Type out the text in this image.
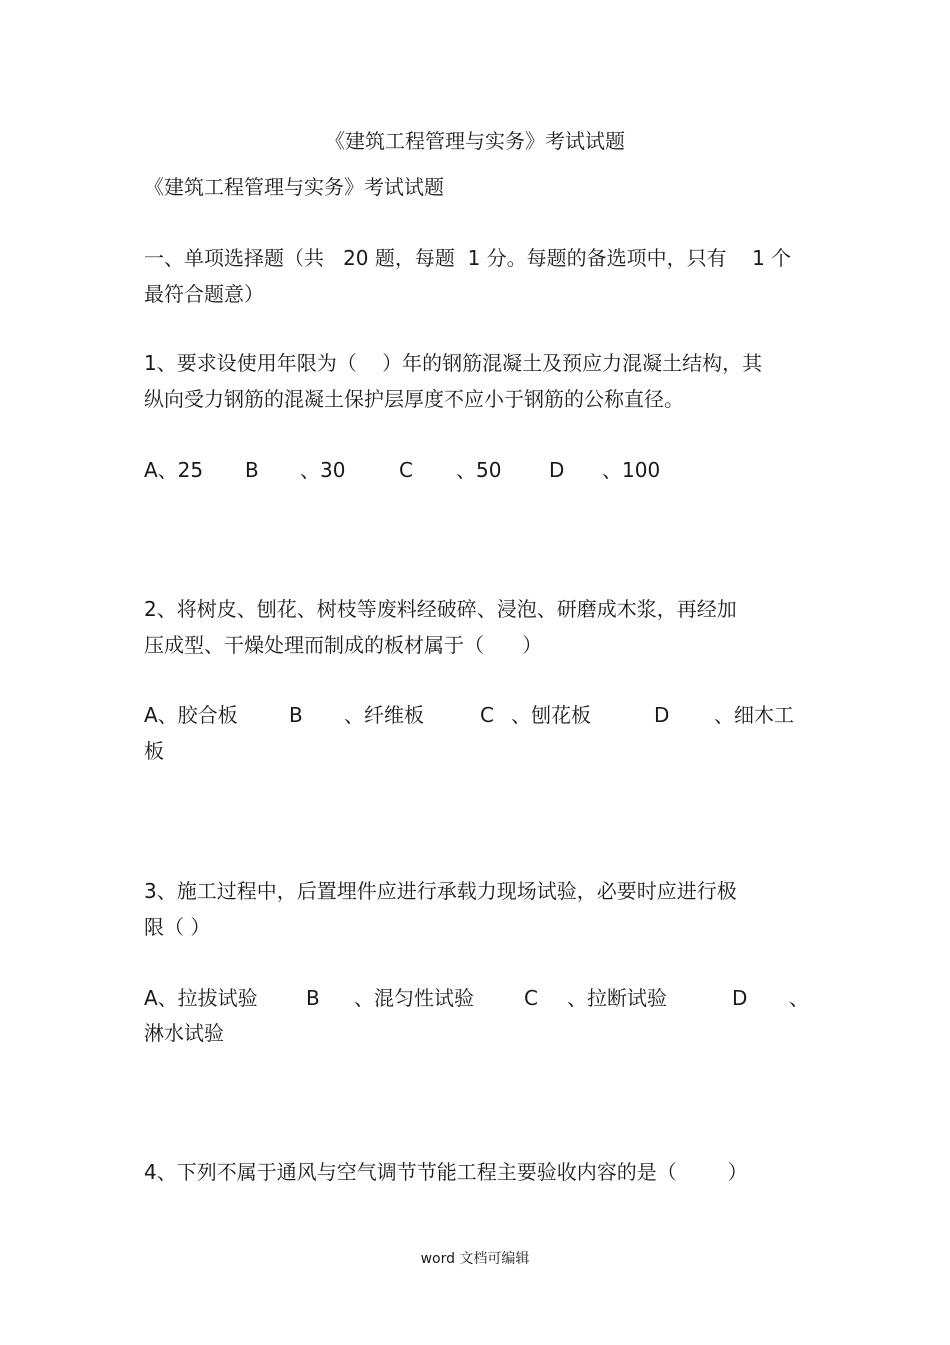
《建筑工程管理与实务》考试试题
《建筑工程管理与实务》考试试题
一、单项选择题（共   20 题，每题  1 分。每题的备选项中，只有    1 个
最符合题意）
1、要求设使用年限为（    ）年的钢筋混凝土及预应力混凝土结构，其
纵向受力钢筋的混凝土保护层厚度不应小于钢筋的公称直径。

A、25

B

、30

	C

、50

D

、100

2、将树皮、刨花、树枝等废料经破碎、浸泡、研磨成木浆，再经加
压成型、干燥处理而制成的板材属于（      ）

A、胶合板

	B

、纤维板

	C

、刨花板

	D

、细木工

板
3、施工过程中，后置埋件应进行承载力现场试验，必要时应进行极
限（ ）

A、拉拔试验

B

、混匀性试验

	C

、拉断试验

	D

、

淋水试验
4、下列不属于通风与空气调节节能工程主要验收内容的是（        ）
word 文档可编辑
